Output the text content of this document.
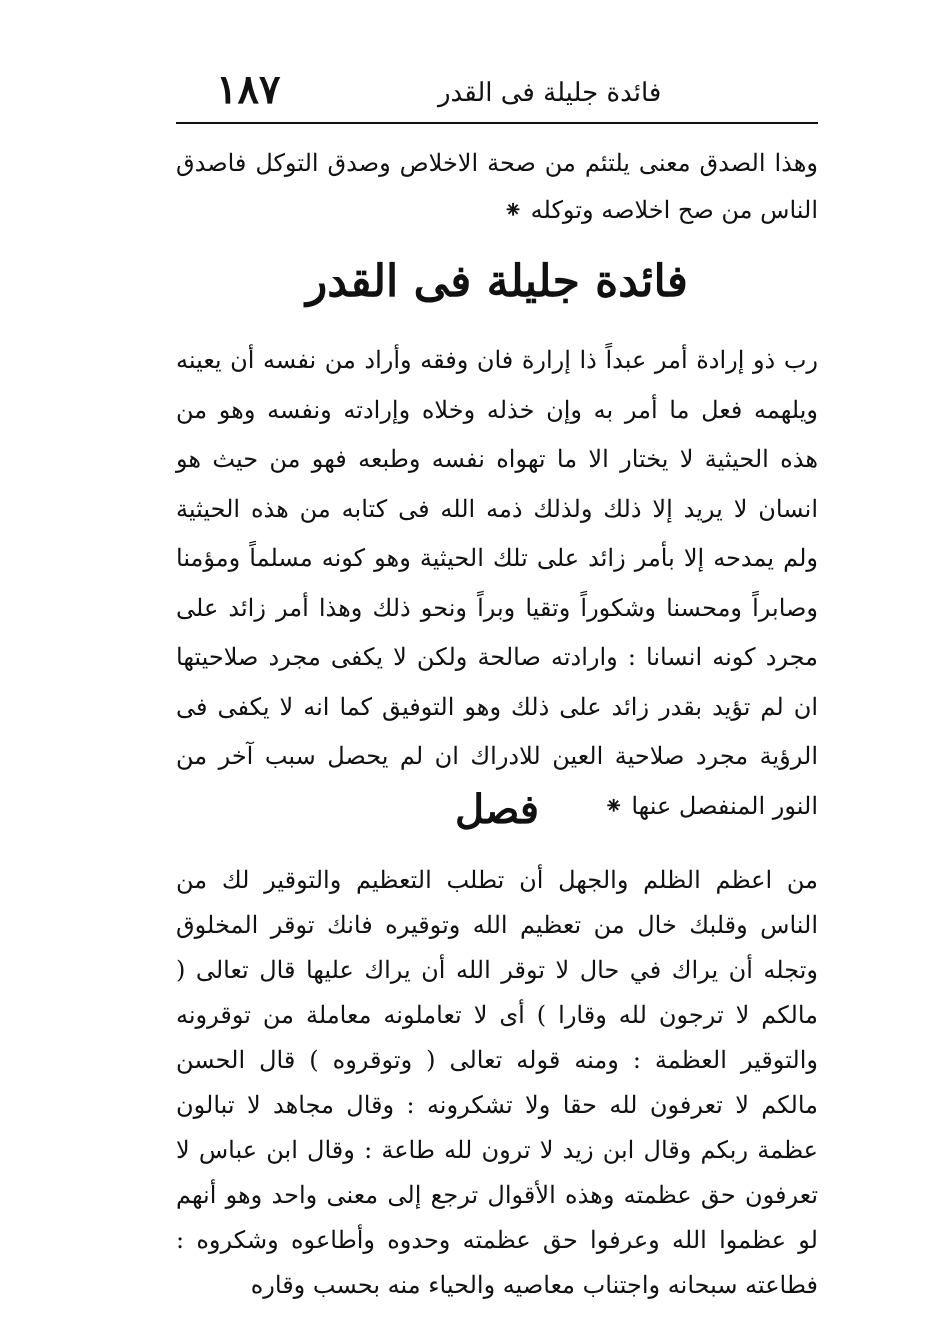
١٨٧	فائدة جليلة فى القدر

وهذا الصدق معنى يلتئم من صحة الاخلاص وصدق التوكل فاصدق الناس من صح اخلاصه وتوكله ⁕

فائدة جليلة فى القدر

رب ذو إرادة أمر عبداً ذا إرارة فان وفقه وأراد من نفسه أن يعينه ويلهمه فعل ما أمر به وإن خذله وخلاه وإرادته ونفسه وهو من هذه الحيثية لا يختار الا ما تهواه نفسه وطبعه فهو من حيث هو انسان لا يريد إلا ذلك ولذلك ذمه الله فى كتابه من هذه الحيثية ولم يمدحه إلا بأمر زائد على تلك الحيثية وهو كونه مسلماً ومؤمنا وصابراً ومحسنا وشكوراً وتقيا وبراً ونحو ذلك وهذا أمر زائد على مجرد كونه انسانا : وارادته صالحة ولكن لا يكفى مجرد صلاحيتها ان لم تؤيد بقدر زائد على ذلك وهو التوفيق كما انه لا يكفى فى الرؤية مجرد صلاحية العين للادراك ان لم يحصل سبب آخر من النور المنفصل عنها ⁕

فصل

من اعظم الظلم والجهل أن تطلب التعظيم والتوقير لك من الناس وقلبك خال من تعظيم الله وتوقيره فانك توقر المخلوق وتجله أن يراك في حال لا توقر الله أن يراك عليها قال تعالى ( مالكم لا ترجون لله وقارا ) أى لا تعاملونه معاملة من توقرونه والتوقير العظمة : ومنه قوله تعالى ( وتوقروه ) قال الحسن مالكم لا تعرفون لله حقا ولا تشكرونه : وقال مجاهد لا تبالون عظمة ربكم وقال ابن زيد لا ترون لله طاعة : وقال ابن عباس لا تعرفون حق عظمته وهذه الأقوال ترجع إلى معنى واحد وهو أنهم لو عظموا الله وعرفوا حق عظمته وحدوه وأطاعوه وشكروه : فطاعته سبحانه واجتناب معاصيه والحياء منه بحسب وقاره
